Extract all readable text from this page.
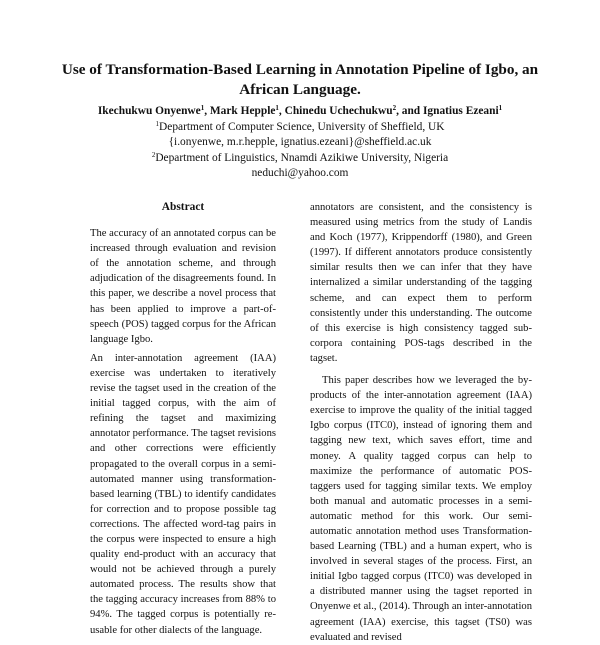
Use of Transformation-Based Learning in Annotation Pipeline of Igbo, an African Language.
Ikechukwu Onyenwe$^1$, Mark Hepple$^1$, Chinedu Uchechukwu$^2$, and Ignatius Ezeani$^1$
$^1$Department of Computer Science, University of Sheffield, UK
{i.onyenwe, m.r.hepple, ignatius.ezeani}@sheffield.ac.uk
$^2$Department of Linguistics, Nnamdi Azikiwe University, Nigeria
neduchi@yahoo.com
Abstract

The accuracy of an annotated corpus can be increased through evaluation and revision of the annotation scheme, and through adjudication of the disagreements found. In this paper, we describe a novel process that has been applied to improve a part-of-speech (POS) tagged corpus for the African language Igbo.

An inter-annotation agreement (IAA) exercise was undertaken to iteratively revise the tagset used in the creation of the initial tagged corpus, with the aim of refining the tagset and maximizing annotator performance. The tagset revisions and other corrections were efficiently propagated to the overall corpus in a semi-automated manner using transformation-based learning (TBL) to identify candidates for correction and to propose possible tag corrections. The affected word-tag pairs in the corpus were inspected to ensure a high quality end-product with an accuracy that would not be achieved through a purely automated process. The results show that the tagging accuracy increases from 88% to 94%. The tagged corpus is potentially re-usable for other dialects of the language.

annotators are consistent, and the consistency is measured using metrics from the study of Landis and Koch (1977), Krippendorff (1980), and Green (1997). If different annotators produce consistently similar results then we can infer that they have internalized a similar understanding of the tagging scheme, and can expect them to perform consistently under this understanding. The outcome of this exercise is high consistency tagged sub-corpora containing POS-tags described in the tagset.

This paper describes how we leveraged the by-products of the inter-annotation agreement (IAA) exercise to improve the quality of the initial tagged Igbo corpus (ITC0), instead of ignoring them and tagging new text, which saves effort, time and money. A quality tagged corpus can help to maximize the performance of automatic POS-taggers used for tagging similar texts. We employ both manual and automatic processes in a semi-automatic method for this work. Our semi-automatic annotation method uses Transformation-based Learning (TBL) and a human expert, who is involved in several stages of the process. First, an initial Igbo tagged corpus (ITC0) was developed in a distributed manner using the tagset reported in Onyenwe et al., (2014). Through an inter-annotation agreement (IAA) exercise, this tagset (TS0) was evaluated and revised
